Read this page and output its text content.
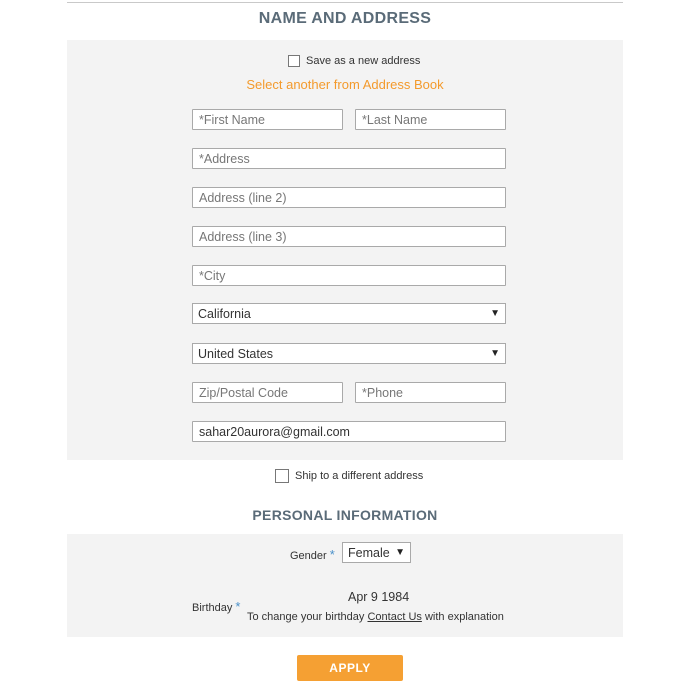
NAME AND ADDRESS
Save as a new address
Select another from Address Book
*First Name
*Last Name
*Address
Address (line 2)
Address (line 3)
*City
California	▼
United States	▼
Zip/Postal Code
*Phone
sahar20aurora@gmail.com
Ship to a different address
PERSONAL INFORMATION
Gender * Female ▼
Birthday *
Apr 9 1984
To change your birthday Contact Us with explanation
APPLY
